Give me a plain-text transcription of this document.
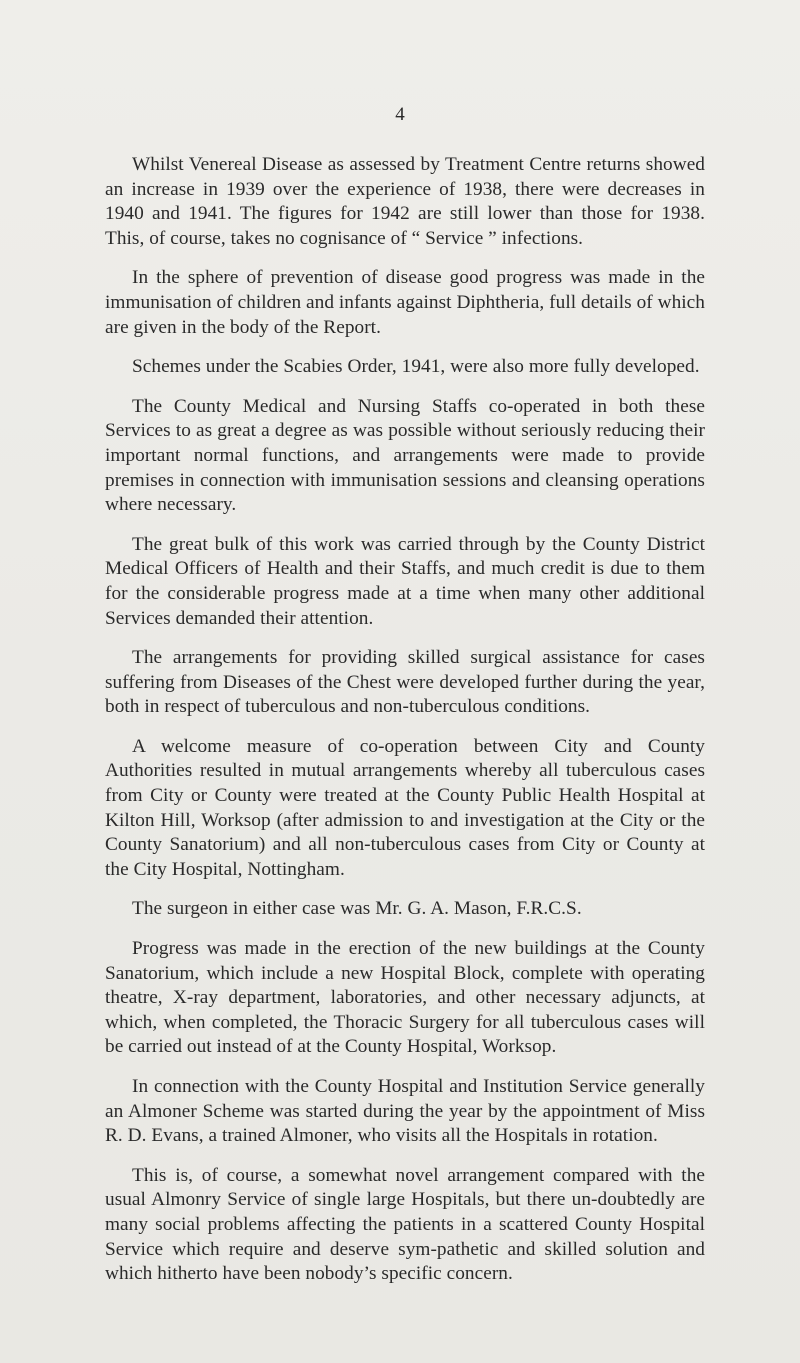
4

Whilst Venereal Disease as assessed by Treatment Centre returns showed an increase in 1939 over the experience of 1938, there were decreases in 1940 and 1941. The figures for 1942 are still lower than those for 1938. This, of course, takes no cognisance of “ Service ” infections.

In the sphere of prevention of disease good progress was made in the immunisation of children and infants against Diphtheria, full details of which are given in the body of the Report.

Schemes under the Scabies Order, 1941, were also more fully developed.

The County Medical and Nursing Staffs co-operated in both these Services to as great a degree as was possible without seriously reducing their important normal functions, and arrangements were made to provide premises in connection with immunisation sessions and cleansing operations where necessary.

The great bulk of this work was carried through by the County District Medical Officers of Health and their Staffs, and much credit is due to them for the considerable progress made at a time when many other additional Services demanded their attention.

The arrangements for providing skilled surgical assistance for cases suffering from Diseases of the Chest were developed further during the year, both in respect of tuberculous and non-tuberculous conditions.

A welcome measure of co-operation between City and County Authorities resulted in mutual arrangements whereby all tuberculous cases from City or County were treated at the County Public Health Hospital at Kilton Hill, Worksop (after admission to and investigation at the City or the County Sanatorium) and all non-tuberculous cases from City or County at the City Hospital, Nottingham.

The surgeon in either case was Mr. G. A. Mason, F.R.C.S.

Progress was made in the erection of the new buildings at the County Sanatorium, which include a new Hospital Block, complete with operating theatre, X-ray department, laboratories, and other necessary adjuncts, at which, when completed, the Thoracic Surgery for all tuberculous cases will be carried out instead of at the County Hospital, Worksop.

In connection with the County Hospital and Institution Service generally an Almoner Scheme was started during the year by the appointment of Miss R. D. Evans, a trained Almoner, who visits all the Hospitals in rotation.

This is, of course, a somewhat novel arrangement compared with the usual Almonry Service of single large Hospitals, but there un-doubtedly are many social problems affecting the patients in a scattered County Hospital Service which require and deserve sym-pathetic and skilled solution and which hitherto have been nobody’s specific concern.
